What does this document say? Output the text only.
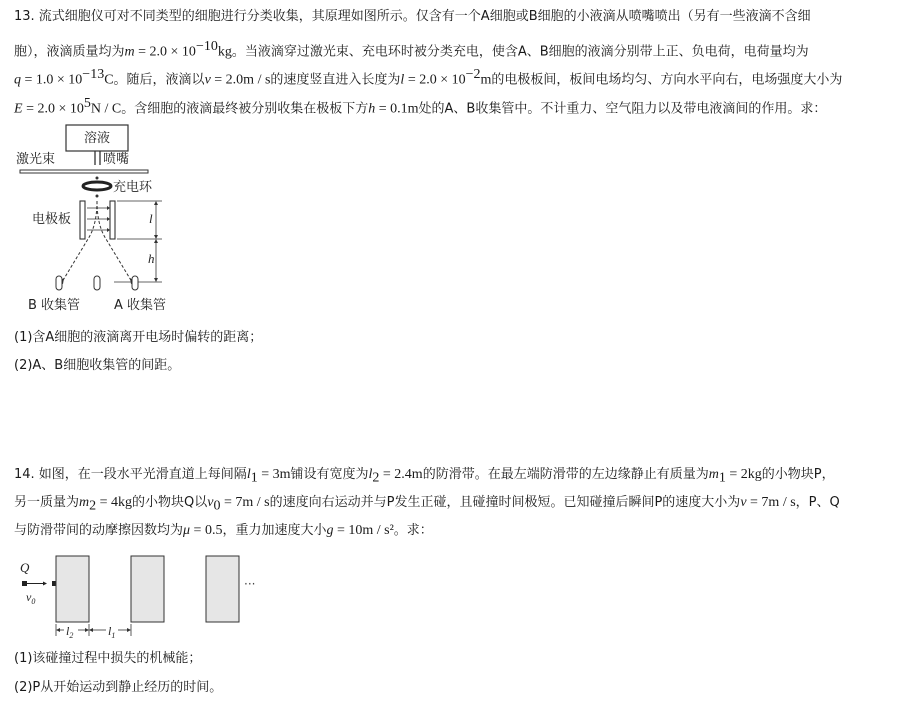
13. 流式细胞仪可对不同类型的细胞进行分类收集，其原理如图所示。仅含有一个A细胞或B细胞的小液滴从喷嘴喷出（另有一些液滴不含细
胞），液滴质量均为$m = 2.0 \times 10^{-10}kg$。当液滴穿过激光束、充电环时被分类充电，使含A、B细胞的液滴分别带上正、负电荷，电荷量均为
$q = 1.0 \times 10^{-13}C$。随后，液滴以v = 2.0m / s的速度竖直进入长度为$l = 2.0 \times 10^{-2}m$的电极板间，板间电场均匀、方向水平向右，电场强度大小为
$E = 2.0 \times 10^5N / C$。含细胞的液滴最终被分别收集在极板下方h = 0.1m处的A、B收集管中。不计重力、空气阻力以及带电液滴间的作用。求：
溶液
激光束	喷嘴
充电环
电极板	l
h
B 收集管	A 收集管
(1)含A细胞的液滴离开电场时偏转的距离；
(2)A、B细胞收集管的间距。
14. 如图，在一段水平光滑直道上每间隔$l_1 = 3m$铺设有宽度为$l_2 = 2.4m$的防滑带。在最左端防滑带的左边缘静止有质量为$m_1 = 2kg$的小物块P，
另一质量为$m_2 = 4kg$的小物块Q以$v_0 = 7m / s$的速度向右运动并与P发生正碰，且碰撞时间极短。已知碰撞后瞬间P的速度大小为v = 7m / s，P、Q
与防滑带间的动摩擦因数均为μ = 0.5，重力加速度大小g = 10m / s²。求：
Q
$v_0$
···
$l_2$	$l_1$
(1)该碰撞过程中损失的机械能；
(2)P从开始运动到静止经历的时间。
